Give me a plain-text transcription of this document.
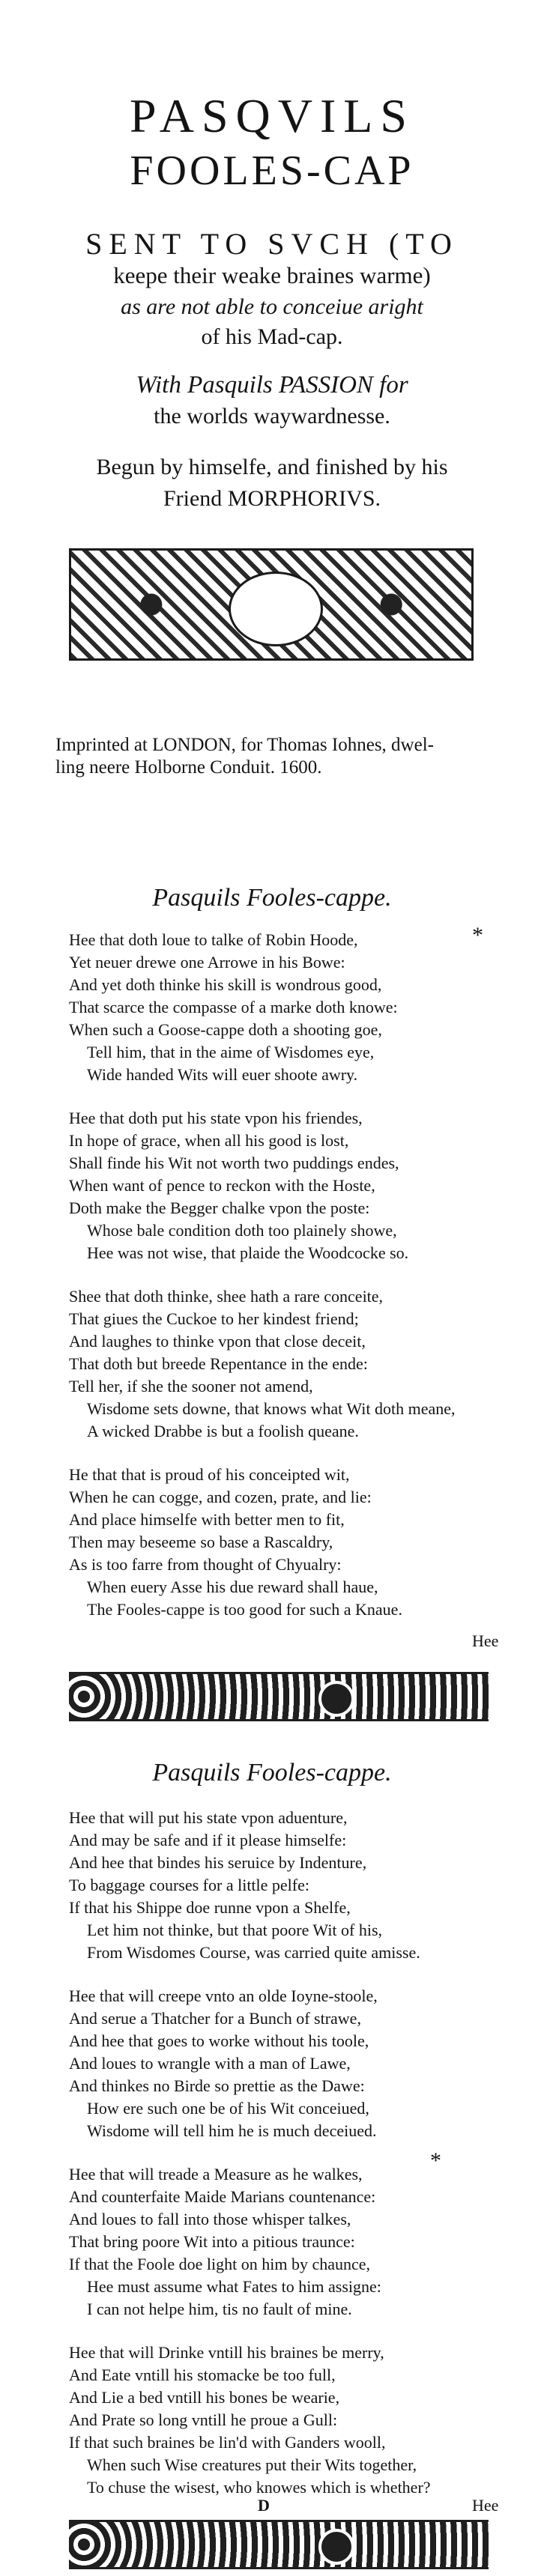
PASQVILS
FOOLES-CAP
SENT TO SVCH (TO
keepe their weake braines warme)
as are not able to conceiue aright
of his Mad-cap.
With Pasquils PASSION for
the worlds waywardnesse.
Begun by himselfe, and finished by his
Friend MORPHORIVS.
Imprinted at LONDON, for Thomas Iohnes, dwel-
ling neere Holborne Conduit. 1600.
Pasquils Fooles-cappe.
*
Hee that doth loue to talke of Robin Hoode,
Yet neuer drewe one Arrowe in his Bowe:
And yet doth thinke his skill is wondrous good,
That scarce the compasse of a marke doth knowe:
When such a Goose-cappe doth a shooting goe,
Tell him, that in the aime of Wisdomes eye,
Wide handed Wits will euer shoote awry.
Hee that doth put his state vpon his friendes,
In hope of grace, when all his good is lost,
Shall finde his Wit not worth two puddings endes,
When want of pence to reckon with the Hoste,
Doth make the Begger chalke vpon the poste:
Whose bale condition doth too plainely showe,
Hee was not wise, that plaide the Woodcocke so.
Shee that doth thinke, shee hath a rare conceite,
That giues the Cuckoe to her kindest friend;
And laughes to thinke vpon that close deceit,
That doth but breede Repentance in the ende:
Tell her, if she the sooner not amend,
Wisdome sets downe, that knows what Wit doth meane,
A wicked Drabbe is but a foolish queane.
He that that is proud of his conceipted wit,
When he can cogge, and cozen, prate, and lie:
And place himselfe with better men to fit,
Then may beseeme so base a Rascaldry,
As is too farre from thought of Chyualry:
When euery Asse his due reward shall haue,
The Fooles-cappe is too good for such a Knaue.
Hee
Pasquils Fooles-cappe.
Hee that will put his state vpon aduenture,
And may be safe and if it please himselfe:
And hee that bindes his seruice by Indenture,
To baggage courses for a little pelfe:
If that his Shippe doe runne vpon a Shelfe,
Let him not thinke, but that poore Wit of his,
From Wisdomes Course, was carried quite amisse.
Hee that will creepe vnto an olde Ioyne-stoole,
And serue a Thatcher for a Bunch of strawe,
And hee that goes to worke without his toole,
And loues to wrangle with a man of Lawe,
And thinkes no Birde so prettie as the Dawe:
How ere such one be of his Wit conceiued,
Wisdome will tell him he is much deceiued.
Hee that will treade a Measure as he walkes,
And counterfaite Maide Marians countenance:
And loues to fall into those whisper talkes,
That bring poore Wit into a pitious traunce:
If that the Foole doe light on him by chaunce,
Hee must assume what Fates to him assigne:
I can not helpe him, tis no fault of mine.
Hee that will Drinke vntill his braines be merry,
And Eate vntill his stomacke be too full,
And Lie a bed vntill his bones be wearie,
And Prate so long vntill he proue a Gull:
If that such braines be lin'd with Ganders wooll,
When such Wise creatures put their Wits together,
To chuse the wisest, who knowes which is whether?
*
D	Hee
